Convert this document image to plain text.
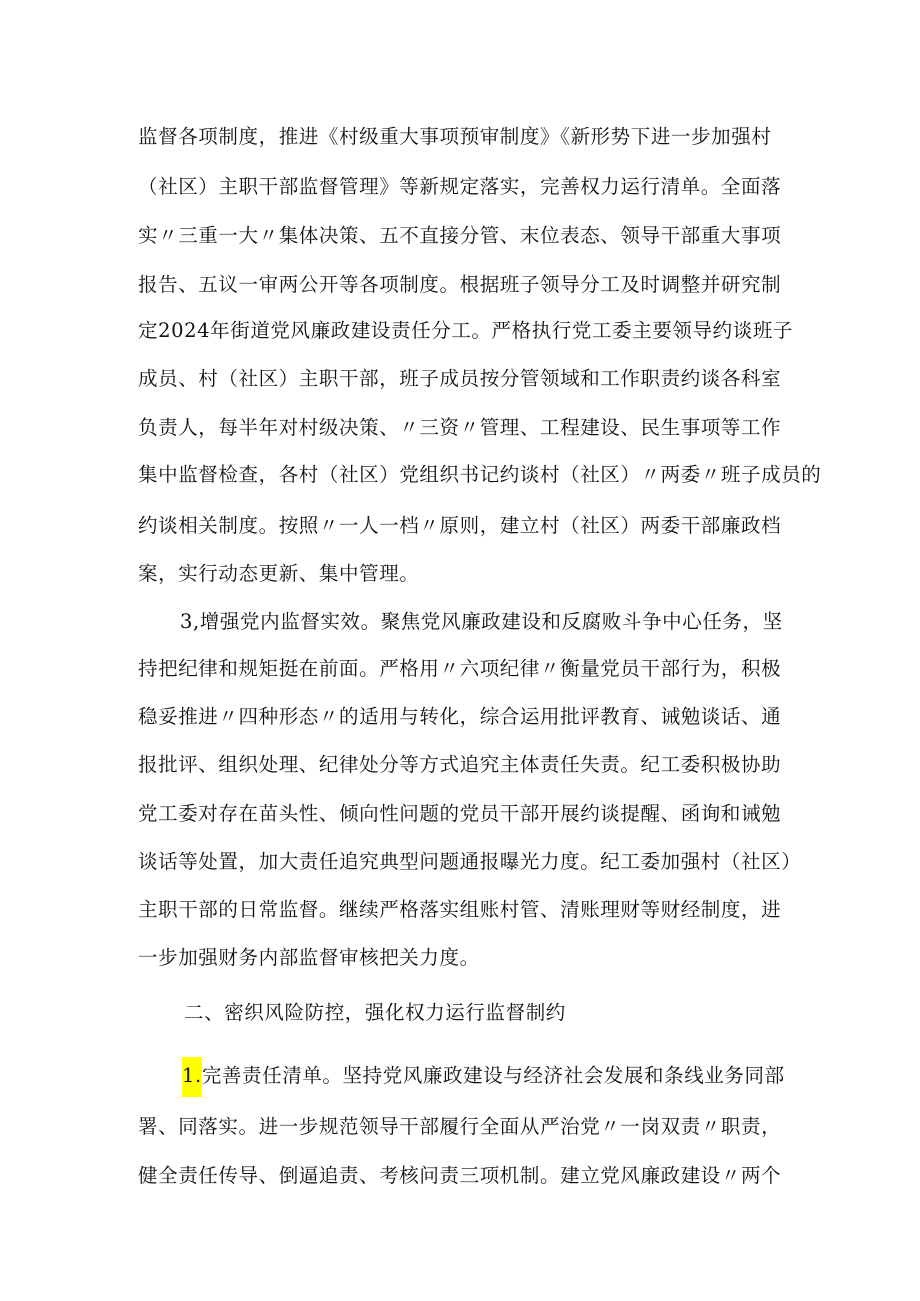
监督各项制度，推进《村级重大事项预审制度》《新形势下进一步加强村
（社区）主职干部监督管理》等新规定落实，完善权力运行清单。全面落
实〃三重一大〃集体决策、五不直接分管、末位表态、领导干部重大事项
报告、五议一审两公开等各项制度。根据班子领导分工及时调整并研究制
定2024年街道党风廉政建设责任分工。严格执行党工委主要领导约谈班子
成员、村（社区）主职干部，班子成员按分管领域和工作职责约谈各科室
负责人，每半年对村级决策、〃三资〃管理、工程建设、民生事项等工作
集中监督检查，各村（社区）党组织书记约谈村（社区）〃两委〃班子成员的
约谈相关制度。按照〃一人一档〃原则，建立村（社区）两委干部廉政档
案，实行动态更新、集中管理。
3,增强党内监督实效。聚焦党风廉政建设和反腐败斗争中心任务，坚
持把纪律和规矩挺在前面。严格用〃六项纪律〃衡量党员干部行为，积极
稳妥推进〃四种形态〃的适用与转化，综合运用批评教育、诫勉谈话、通
报批评、组织处理、纪律处分等方式追究主体责任失责。纪工委积极协助
党工委对存在苗头性、倾向性问题的党员干部开展约谈提醒、函询和诫勉
谈话等处置，加大责任追究典型问题通报曝光力度。纪工委加强村（社区）
主职干部的日常监督。继续严格落实组账村管、清账理财等财经制度，进
一步加强财务内部监督审核把关力度。
二、密织风险防控，强化权力运行监督制约
1.完善责任清单。坚持党风廉政建设与经济社会发展和条线业务同部
署、同落实。进一步规范领导干部履行全面从严治党〃一岗双责〃职责，
健全责任传导、倒逼追责、考核问责三项机制。建立党风廉政建设〃两个
